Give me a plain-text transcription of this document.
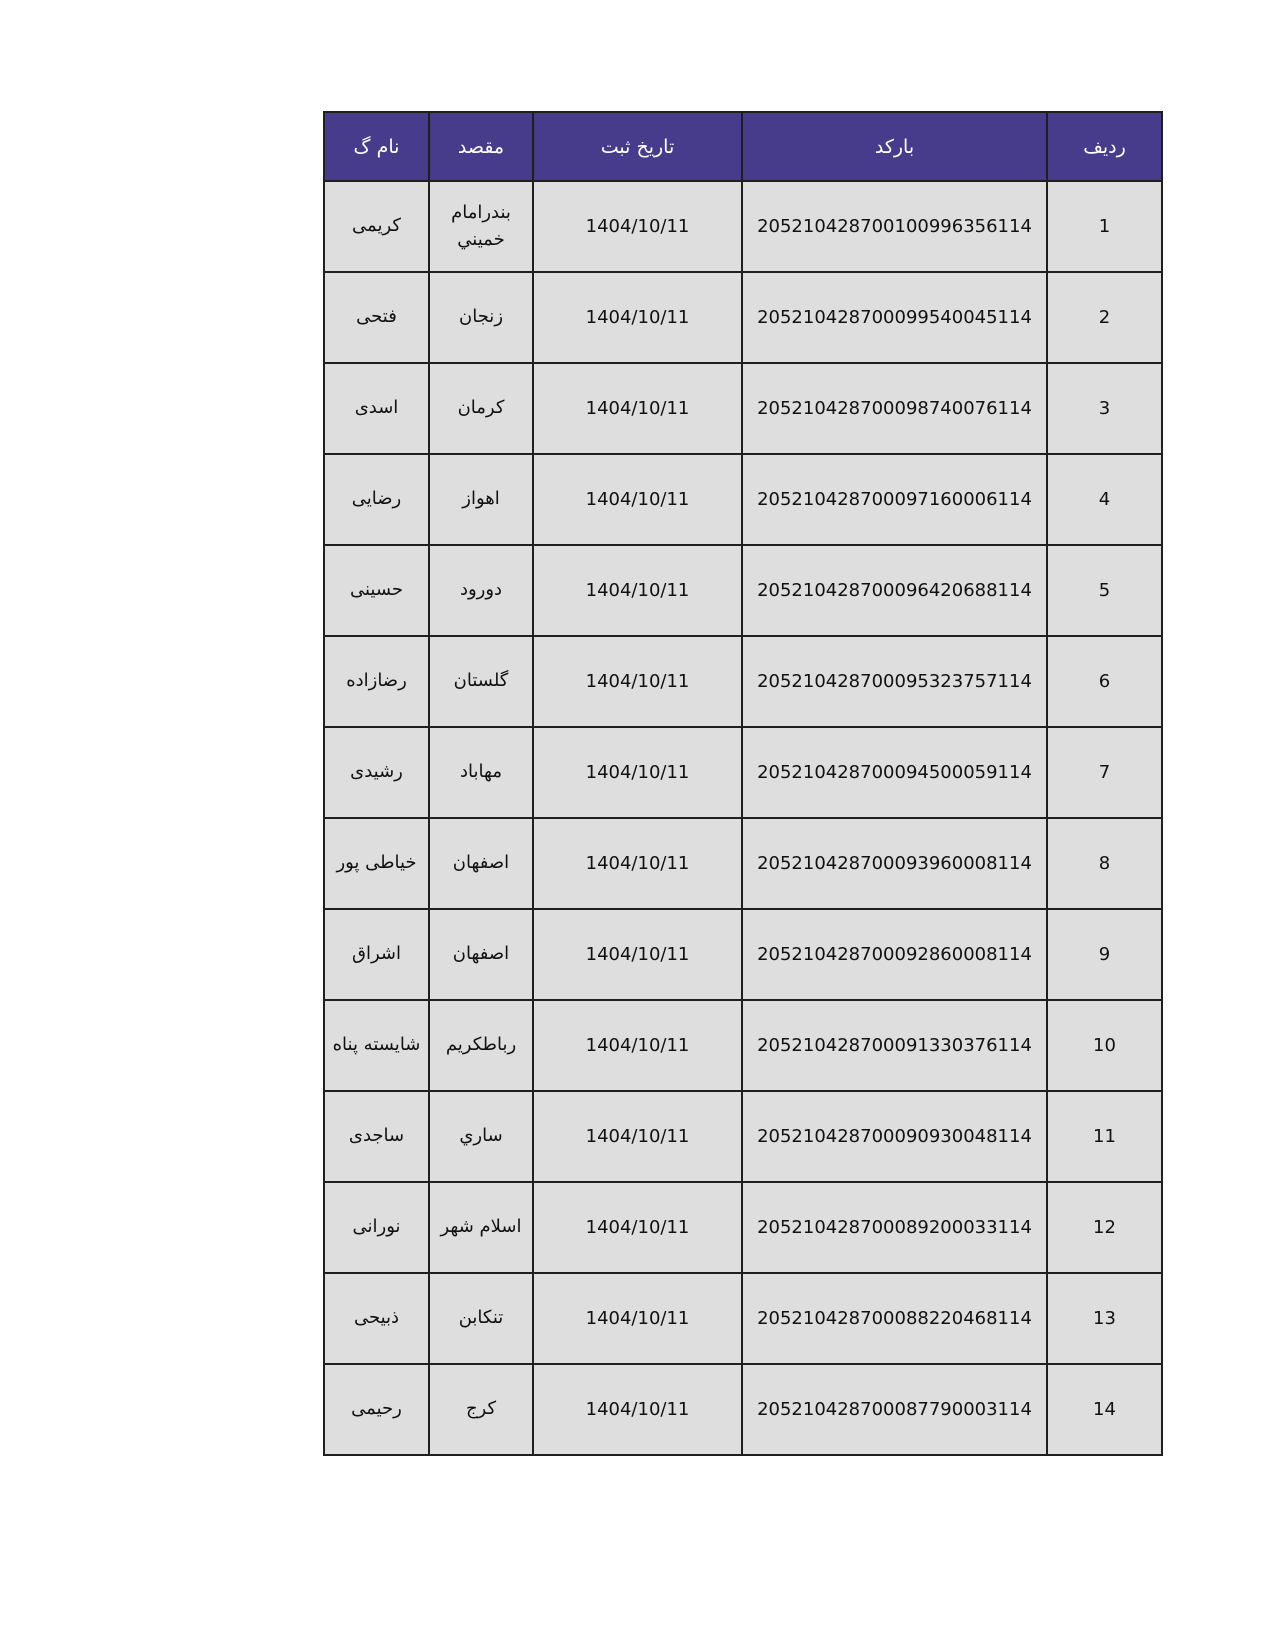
نام گ	مقصد	تاریخ ثبت	بارکد	ردیف
کریمی	بندرامام خميني	1404/10/11	205210428700100996356114	1
فتحی	زنجان	1404/10/11	205210428700099540045114	2
اسدی	کرمان	1404/10/11	205210428700098740076114	3
رضایی	اهواز	1404/10/11	205210428700097160006114	4
حسینی	دورود	1404/10/11	205210428700096420688114	5
رضازاده	گلستان	1404/10/11	205210428700095323757114	6
رشیدی	مهاباد	1404/10/11	205210428700094500059114	7
خیاطی پور	اصفهان	1404/10/11	205210428700093960008114	8
اشراق	اصفهان	1404/10/11	205210428700092860008114	9
شایسته پناه	رباطکریم	1404/10/11	205210428700091330376114	10
ساجدی	ساري	1404/10/11	205210428700090930048114	11
نورانی	اسلام شهر	1404/10/11	205210428700089200033114	12
ذبیحی	تنکابن	1404/10/11	205210428700088220468114	13
رحیمی	کرج	1404/10/11	205210428700087790003114	14
